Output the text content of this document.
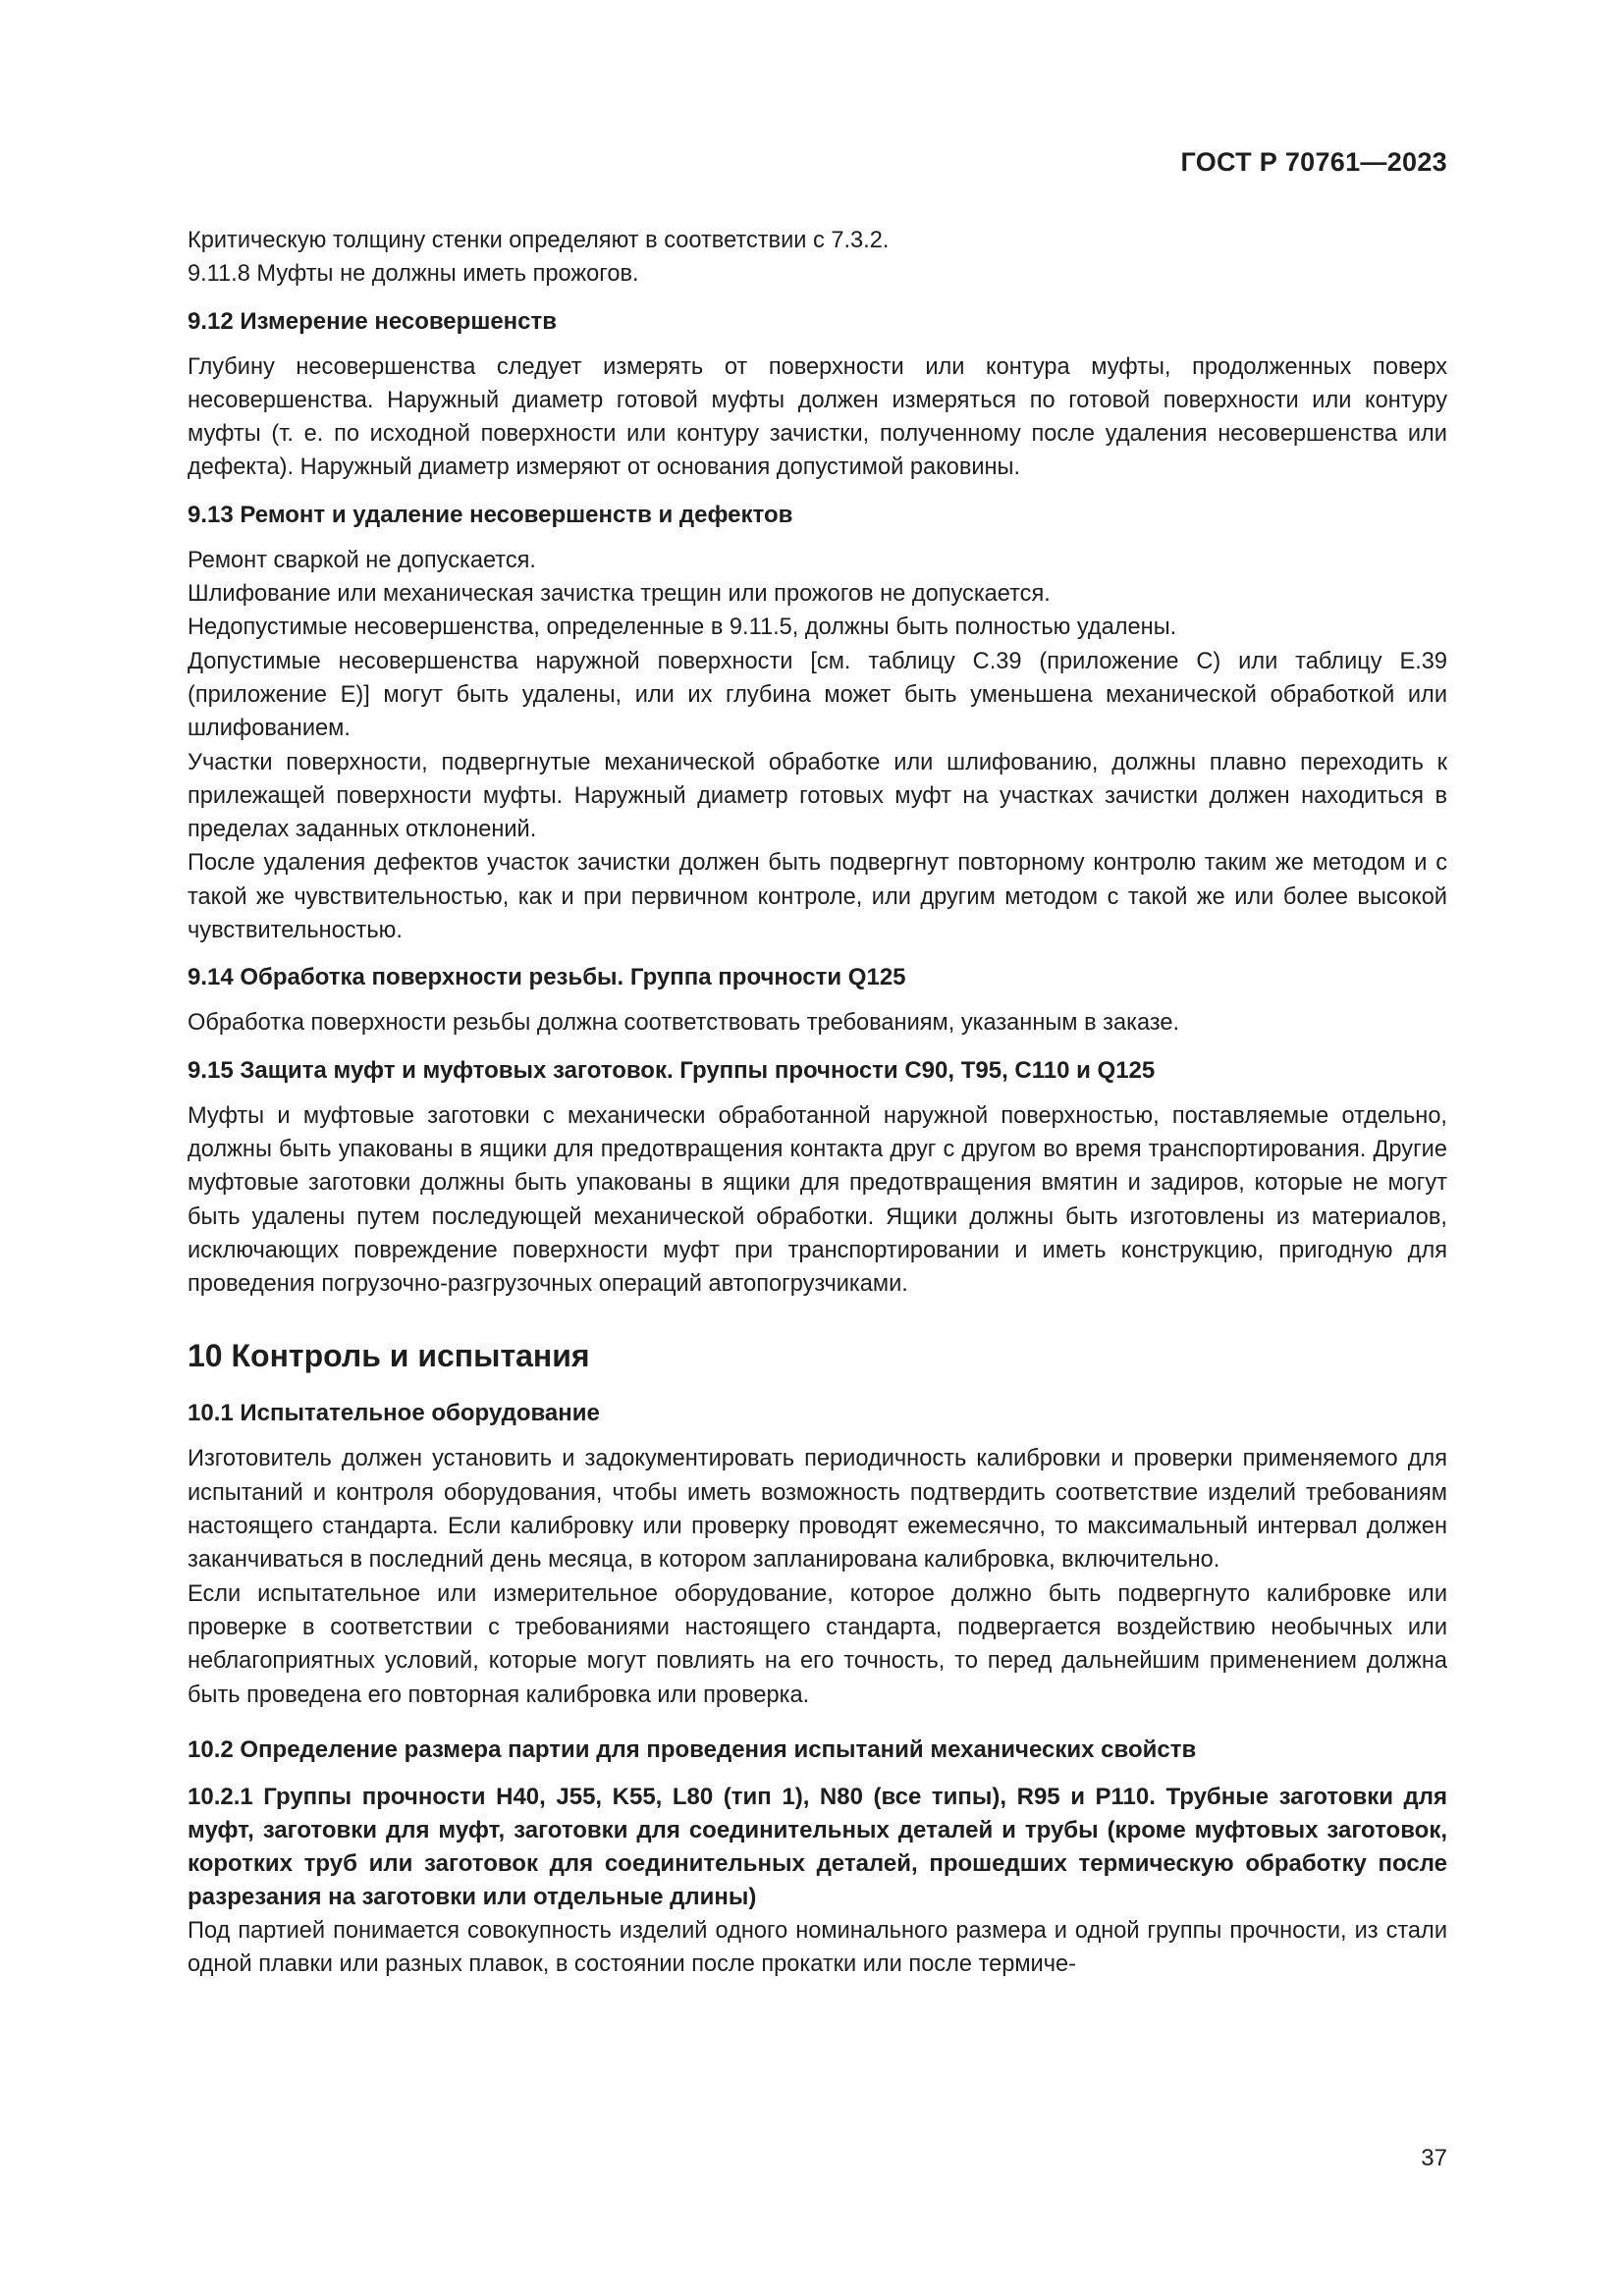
ГОСТ Р 70761—2023

Критическую толщину стенки определяют в соответствии с 7.3.2.

9.11.8 Муфты не должны иметь прожогов.

9.12 Измерение несовершенств

Глубину несовершенства следует измерять от поверхности или контура муфты, продолженных поверх несовершенства. Наружный диаметр готовой муфты должен измеряться по готовой поверхности или контуру муфты (т. е. по исходной поверхности или контуру зачистки, полученному после удаления несовершенства или дефекта). Наружный диаметр измеряют от основания допустимой раковины.

9.13 Ремонт и удаление несовершенств и дефектов

Ремонт сваркой не допускается.

Шлифование или механическая зачистка трещин или прожогов не допускается.

Недопустимые несовершенства, определенные в 9.11.5, должны быть полностью удалены.

Допустимые несовершенства наружной поверхности [см. таблицу С.39 (приложение С) или таблицу Е.39 (приложение Е)] могут быть удалены, или их глубина может быть уменьшена механической обработкой или шлифованием.

Участки поверхности, подвергнутые механической обработке или шлифованию, должны плавно переходить к прилежащей поверхности муфты. Наружный диаметр готовых муфт на участках зачистки должен находиться в пределах заданных отклонений.

После удаления дефектов участок зачистки должен быть подвергнут повторному контролю таким же методом и с такой же чувствительностью, как и при первичном контроле, или другим методом с такой же или более высокой чувствительностью.

9.14 Обработка поверхности резьбы. Группа прочности Q125

Обработка поверхности резьбы должна соответствовать требованиям, указанным в заказе.

9.15 Защита муфт и муфтовых заготовок. Группы прочности С90, Т95, С110 и Q125

Муфты и муфтовые заготовки с механически обработанной наружной поверхностью, поставляемые отдельно, должны быть упакованы в ящики для предотвращения контакта друг с другом во время транспортирования. Другие муфтовые заготовки должны быть упакованы в ящики для предотвращения вмятин и задиров, которые не могут быть удалены путем последующей механической обработки. Ящики должны быть изготовлены из материалов, исключающих повреждение поверхности муфт при транспортировании и иметь конструкцию, пригодную для проведения погрузочно-разгрузочных операций автопогрузчиками.

10 Контроль и испытания
10.1 Испытательное оборудование

Изготовитель должен установить и задокументировать периодичность калибровки и проверки применяемого для испытаний и контроля оборудования, чтобы иметь возможность подтвердить соответствие изделий требованиям настоящего стандарта. Если калибровку или проверку проводят ежемесячно, то максимальный интервал должен заканчиваться в последний день месяца, в котором запланирована калибровка, включительно.

Если испытательное или измерительное оборудование, которое должно быть подвергнуто калибровке или проверке в соответствии с требованиями настоящего стандарта, подвергается воздействию необычных или неблагоприятных условий, которые могут повлиять на его точность, то перед дальнейшим применением должна быть проведена его повторная калибровка или проверка.

10.2 Определение размера партии для проведения испытаний механических свойств
10.2.1 Группы прочности Н40, J55, K55, L80 (тип 1), N80 (все типы), R95 и Р110. Трубные заготовки для муфт, заготовки для муфт, заготовки для соединительных деталей и трубы (кроме муфтовых заготовок, коротких труб или заготовок для соединительных деталей, прошедших термическую обработку после разрезания на заготовки или отдельные длины)

Под партией понимается совокупность изделий одного номинального размера и одной группы прочности, из стали одной плавки или разных плавок, в состоянии после прокатки или после термиче-

37
